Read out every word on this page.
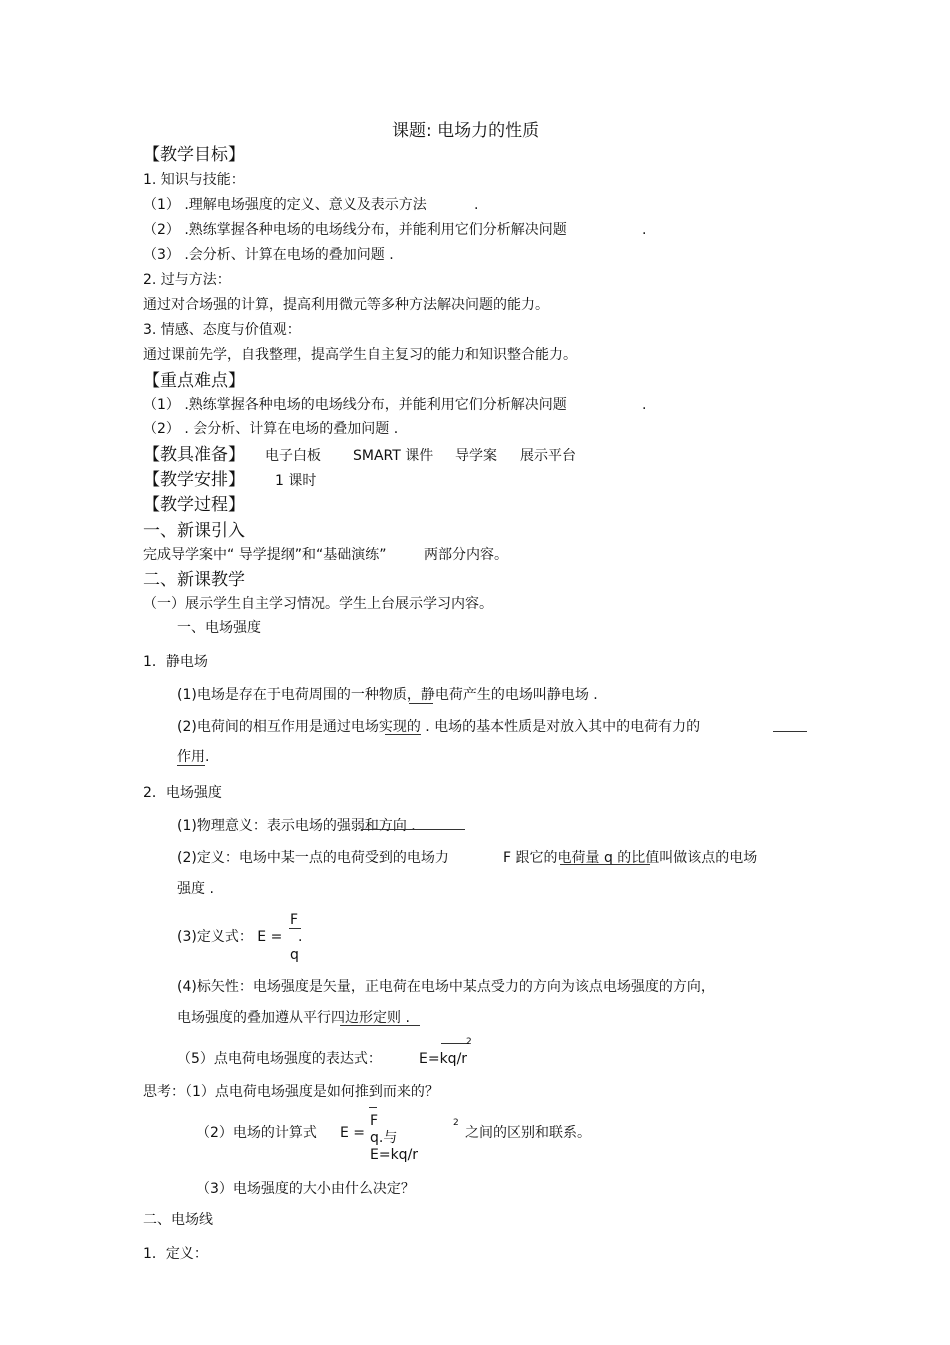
课题: 电场力的性质
【教学目标】
1. 知识与技能：
（1） .理解电场强度的定义、意义及表示方法	.
（2） .熟练掌握各种电场的电场线分布，并能利用它们分析解决问题	.
（3） .会分析、计算在电场的叠加问题 .
2. 过与方法：
通过对合场强的计算，提高利用微元等多种方法解决问题的能力。
3. 情感、态度与价值观：
通过课前先学，自我整理，提高学生自主复习的能力和知识整合能力。
【重点难点】
（1） .熟练掌握各种电场的电场线分布，并能利用它们分析解决问题	.
（2） . 会分析、计算在电场的叠加问题 .
【教具准备】 电子白板 SMART 课件 导学案 展示平台
【教学安排】 1 课时
【教学过程】
一、新课引入
完成导学案中“ 导学提纲”和“基础演练”	两部分内容。
二、新课教学
（一）展示学生自主学习情况。学生上台展示学习内容。
一、电场强度
1．静电场
(1)电场是存在于电荷周围的一种物质，静电荷产生的电场叫静电场 .
(2)电荷间的相互作用是通过电场实现的 . 电场的基本性质是对放入其中的电荷有力的
作用.
2．电场强度
(1)物理意义：表示电场的强弱和方向 .
(2)定义：电场中某一点的电荷受到的电场力	F 跟它的电荷量 q 的比值叫做该点的电场
强度 .
(3)定义式： E =
F
.
q
(4)标矢性：电场强度是矢量，正电荷在电场中某点受力的方向为该点电场强度的方向，
电场强度的叠加遵从平行四边形定则 .
（5）点电荷电场强度的表达式：	E=kq/r
2
思考：（1）点电荷电场强度是如何推到而来的？
（2）电场的计算式 E =
F
q.与
E=kq/r
2
之间的区别和联系。
（3）电场强度的大小由什么决定？
二、电场线
1．定义：
